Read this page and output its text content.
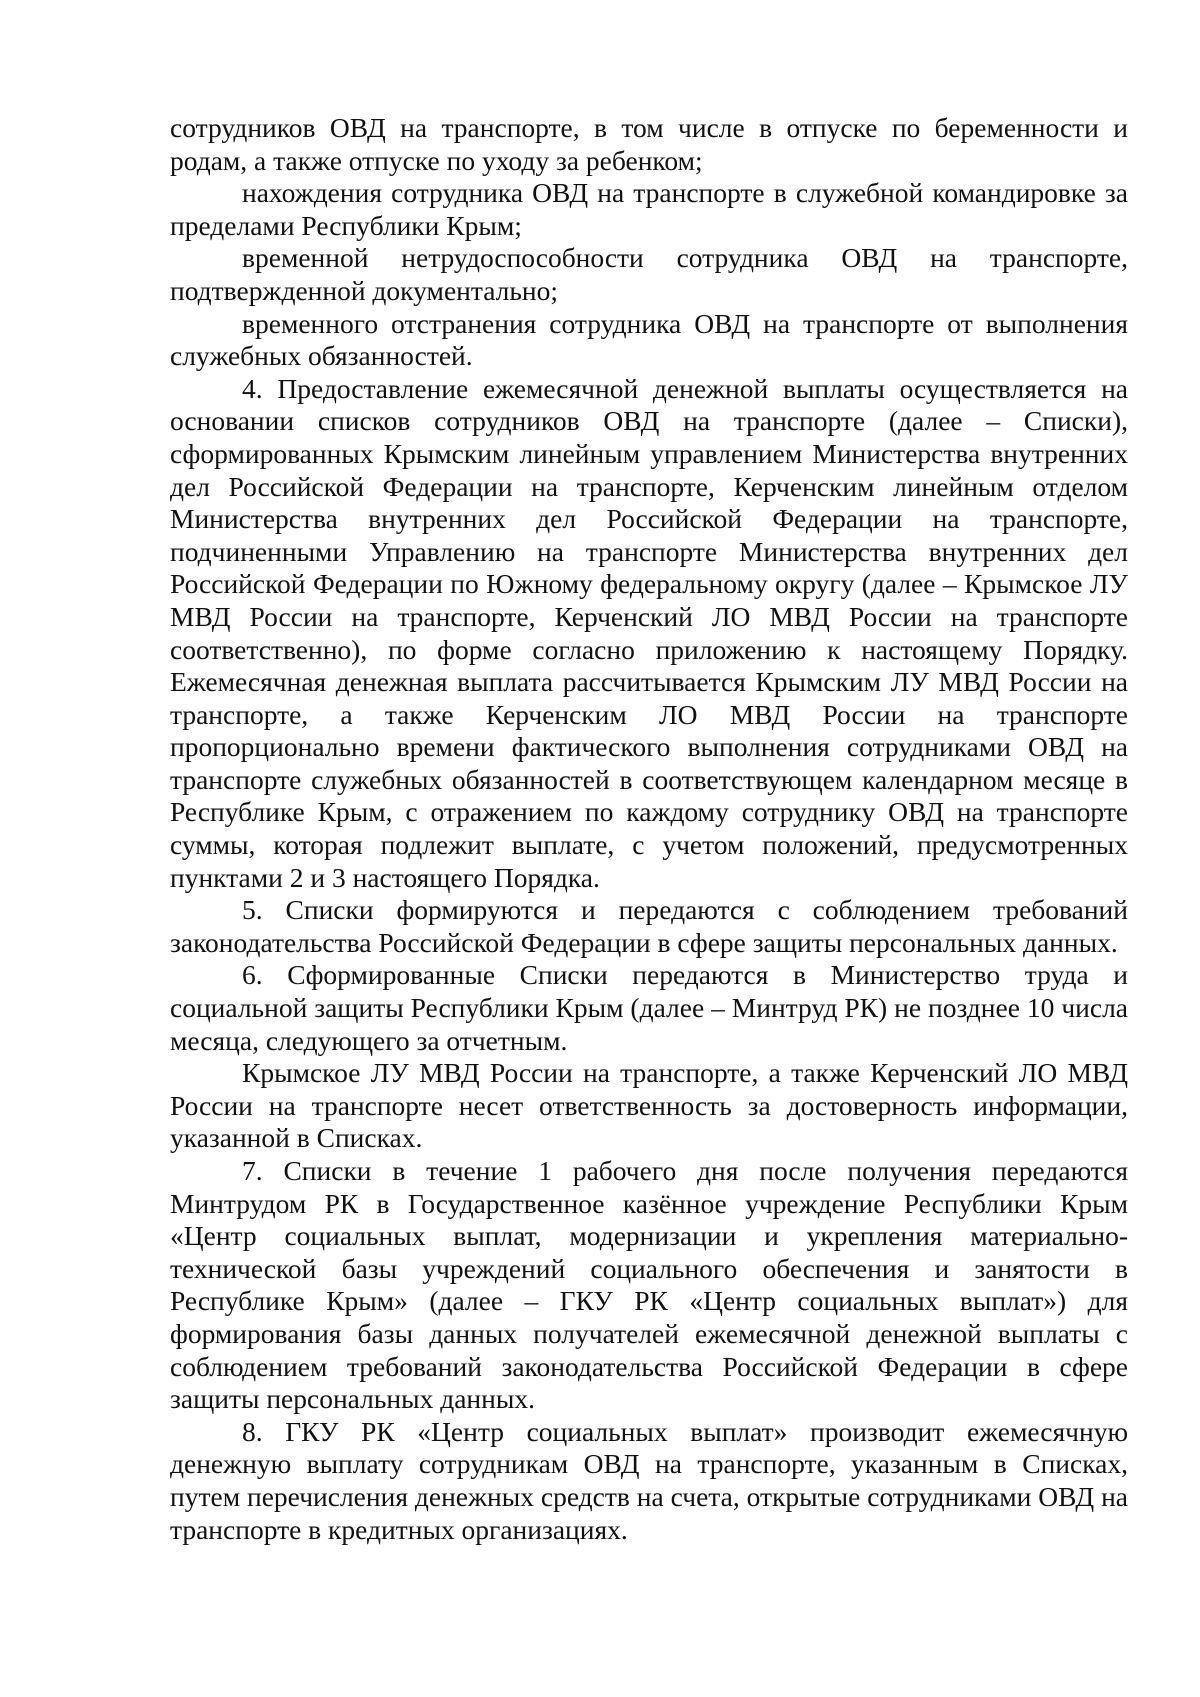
сотрудников ОВД на транспорте, в том числе в отпуске по беременности и родам, а также отпуске по уходу за ребенком;

нахождения сотрудника ОВД на транспорте в служебной командировке за пределами Республики Крым;

временной нетрудоспособности сотрудника ОВД на транспорте, подтвержденной документально;

временного отстранения сотрудника ОВД на транспорте от выполнения служебных обязанностей.

4. Предоставление ежемесячной денежной выплаты осуществляется на основании списков сотрудников ОВД на транспорте (далее – Списки), сформированных Крымским линейным управлением Министерства внутренних дел Российской Федерации на транспорте, Керченским линейным отделом Министерства внутренних дел Российской Федерации на транспорте, подчиненными Управлению на транспорте Министерства внутренних дел Российской Федерации по Южному федеральному округу (далее – Крымское ЛУ МВД России на транспорте, Керченский ЛО МВД России на транспорте соответственно), по форме согласно приложению к настоящему Порядку. Ежемесячная денежная выплата рассчитывается Крымским ЛУ МВД России на транспорте, а также Керченским ЛО МВД России на транспорте пропорционально времени фактического выполнения сотрудниками ОВД на транспорте служебных обязанностей в соответствующем календарном месяце в Республике Крым, с отражением по каждому сотруднику ОВД на транспорте суммы, которая подлежит выплате, с учетом положений, предусмотренных пунктами 2 и 3 настоящего Порядка.

5. Списки формируются и передаются с соблюдением требований законодательства Российской Федерации в сфере защиты персональных данных.

6. Сформированные Списки передаются в Министерство труда и социальной защиты Республики Крым (далее – Минтруд РК) не позднее 10 числа месяца, следующего за отчетным.

Крымское ЛУ МВД России на транспорте, а также Керченский ЛО МВД России на транспорте несет ответственность за достоверность информации, указанной в Списках.

7. Списки в течение 1 рабочего дня после получения передаются Минтрудом РК в Государственное казённое учреждение Республики Крым «Центр социальных выплат, модернизации и укрепления материально-технической базы учреждений социального обеспечения и занятости в Республике Крым» (далее – ГКУ РК «Центр социальных выплат») для формирования базы данных получателей ежемесячной денежной выплаты с соблюдением требований законодательства Российской Федерации в сфере защиты персональных данных.

8. ГКУ РК «Центр социальных выплат» производит ежемесячную денежную выплату сотрудникам ОВД на транспорте, указанным в Списках, путем перечисления денежных средств на счета, открытые сотрудниками ОВД на транспорте в кредитных организациях.
